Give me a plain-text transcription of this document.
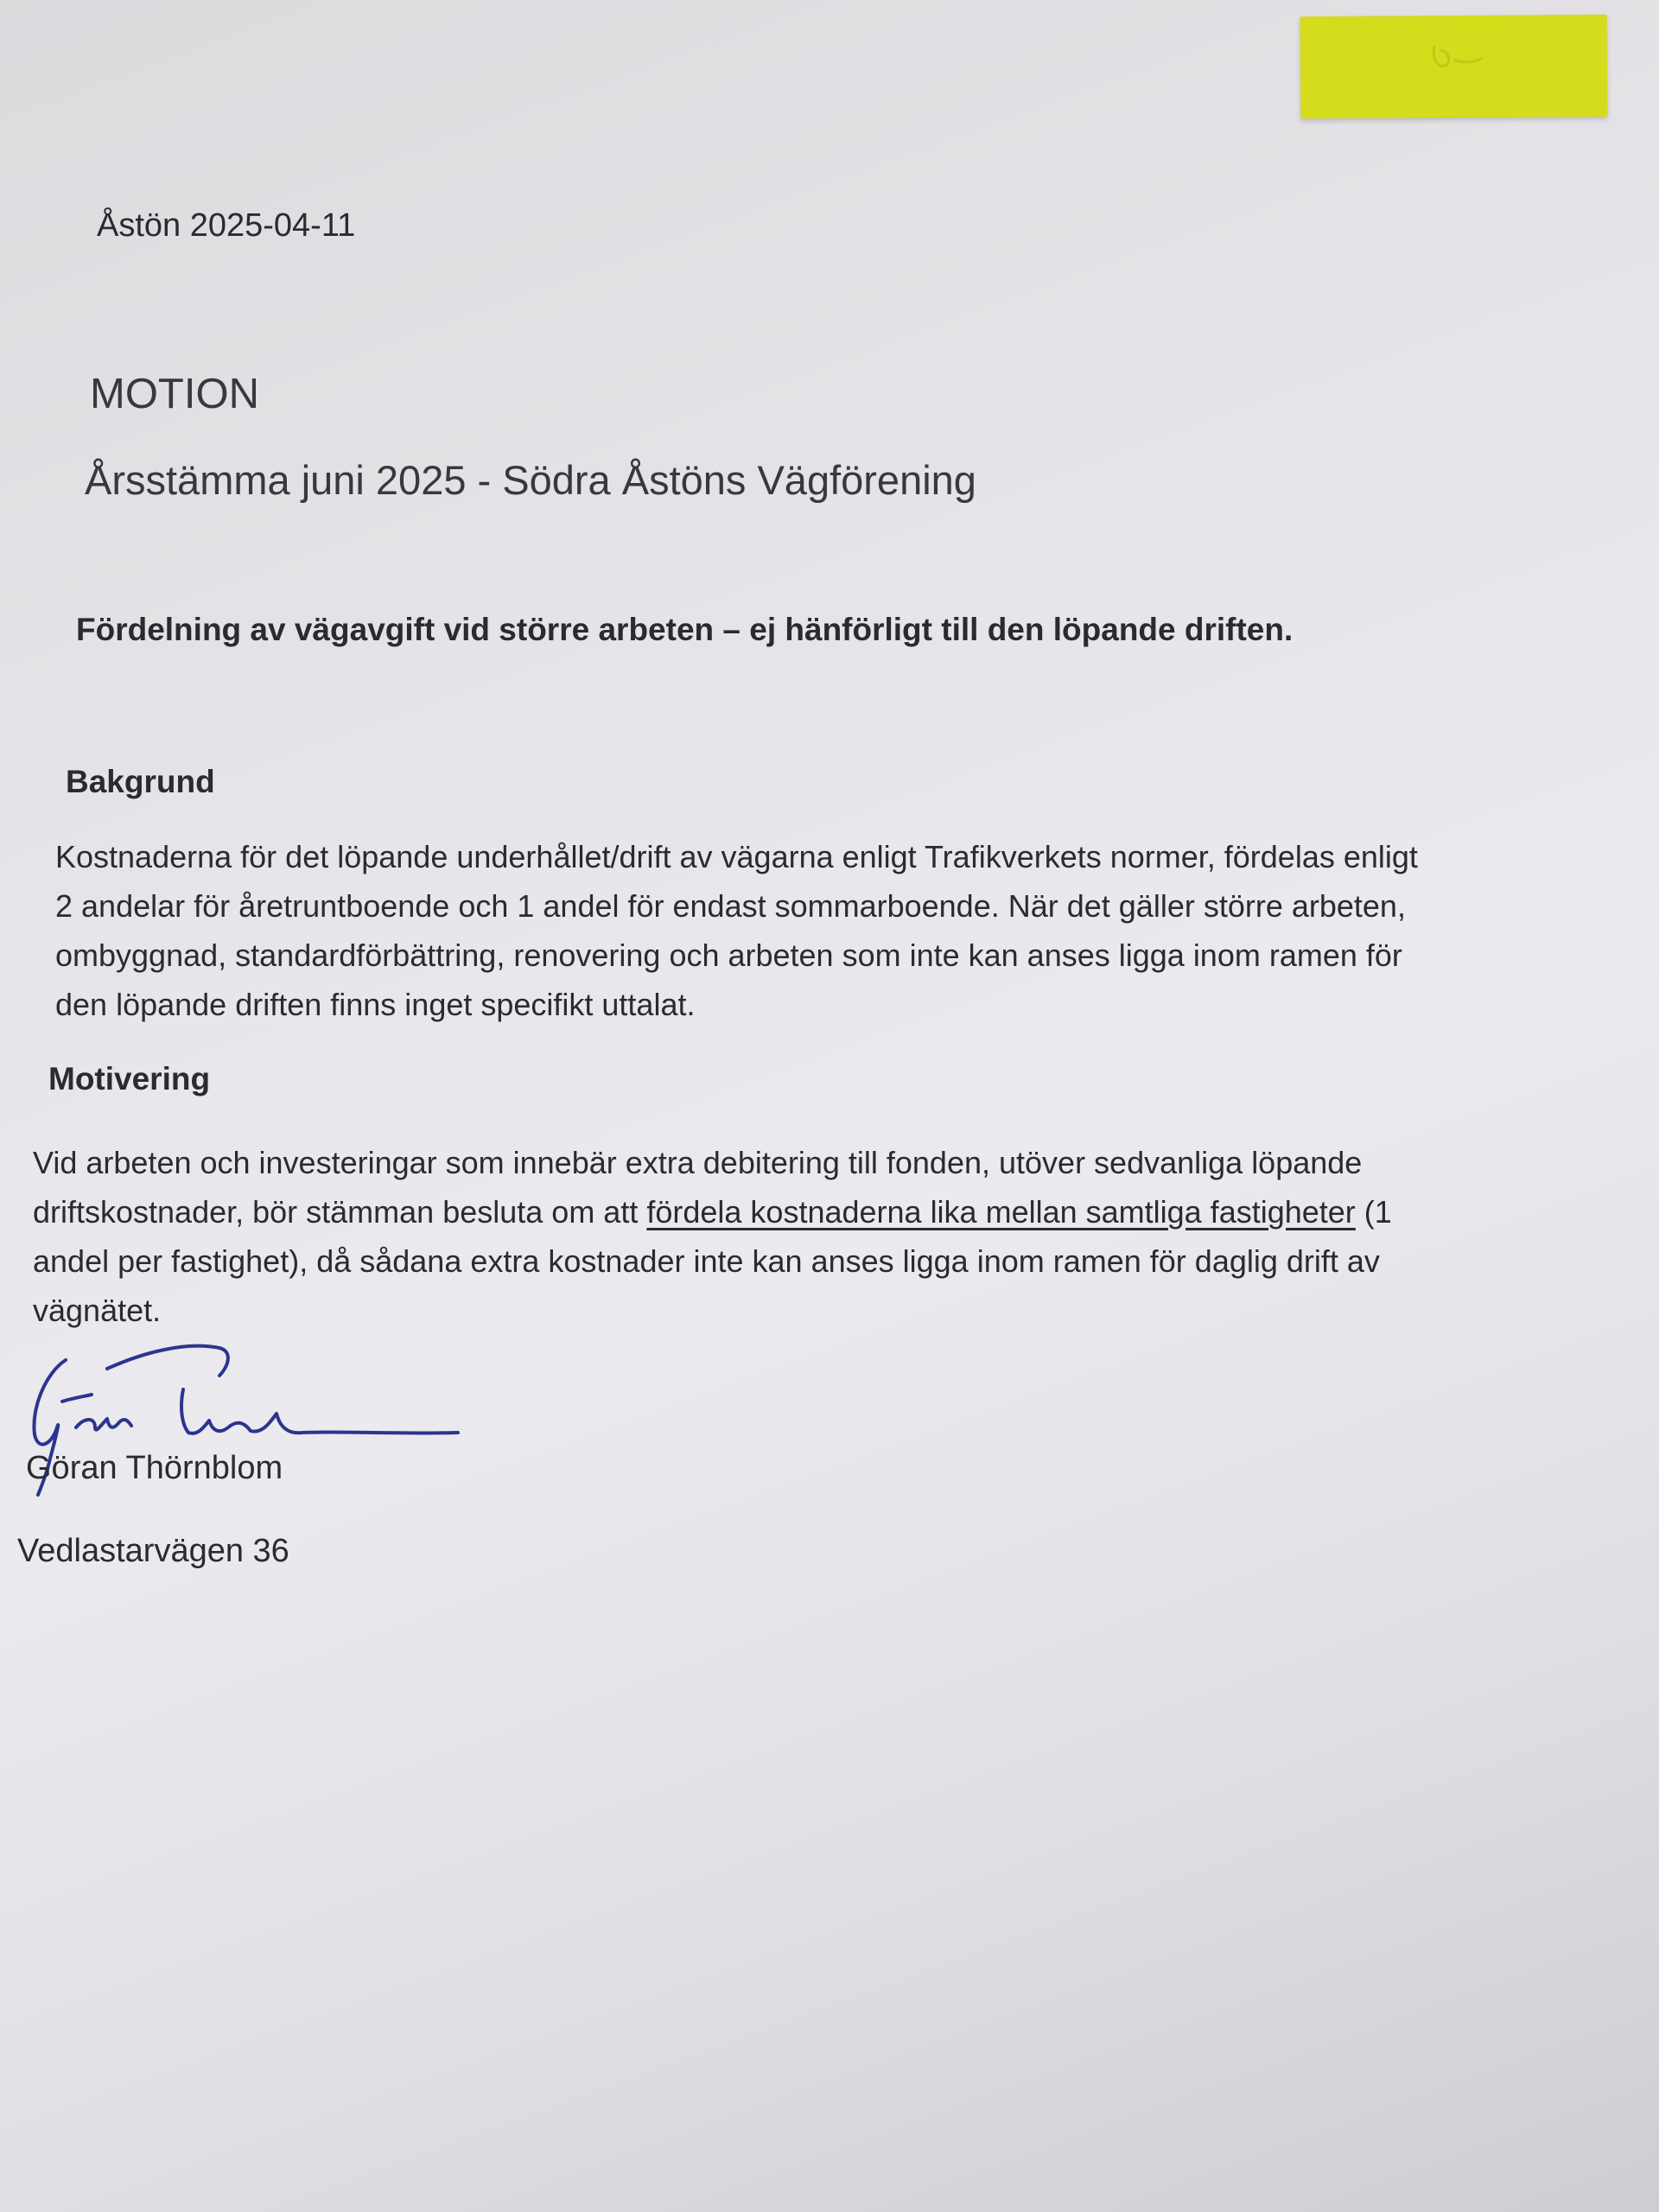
Åstön 2025-04-11

MOTION
Årsstämma juni 2025 - Södra Åstöns Vägförening

Fördelning av vägavgift vid större arbeten – ej hänförligt till den löpande driften.

Bakgrund

Kostnaderna för det löpande underhållet/drift av vägarna enligt Trafikverkets normer, fördelas enligt
2 andelar för åretruntboende och 1 andel för endast sommarboende. När det gäller större arbeten,
ombyggnad, standardförbättring, renovering och arbeten som inte kan anses ligga inom ramen för
den löpande driften finns inget specifikt uttalat.

Motivering

Vid arbeten och investeringar som innebär extra debitering till fonden, utöver sedvanliga löpande
driftskostnader, bör stämman besluta om att fördela kostnaderna lika mellan samtliga fastigheter (1
andel per fastighet), då sådana extra kostnader inte kan anses ligga inom ramen för daglig drift av
vägnätet.

Göran Thörnblom

Vedlastarvägen 36
